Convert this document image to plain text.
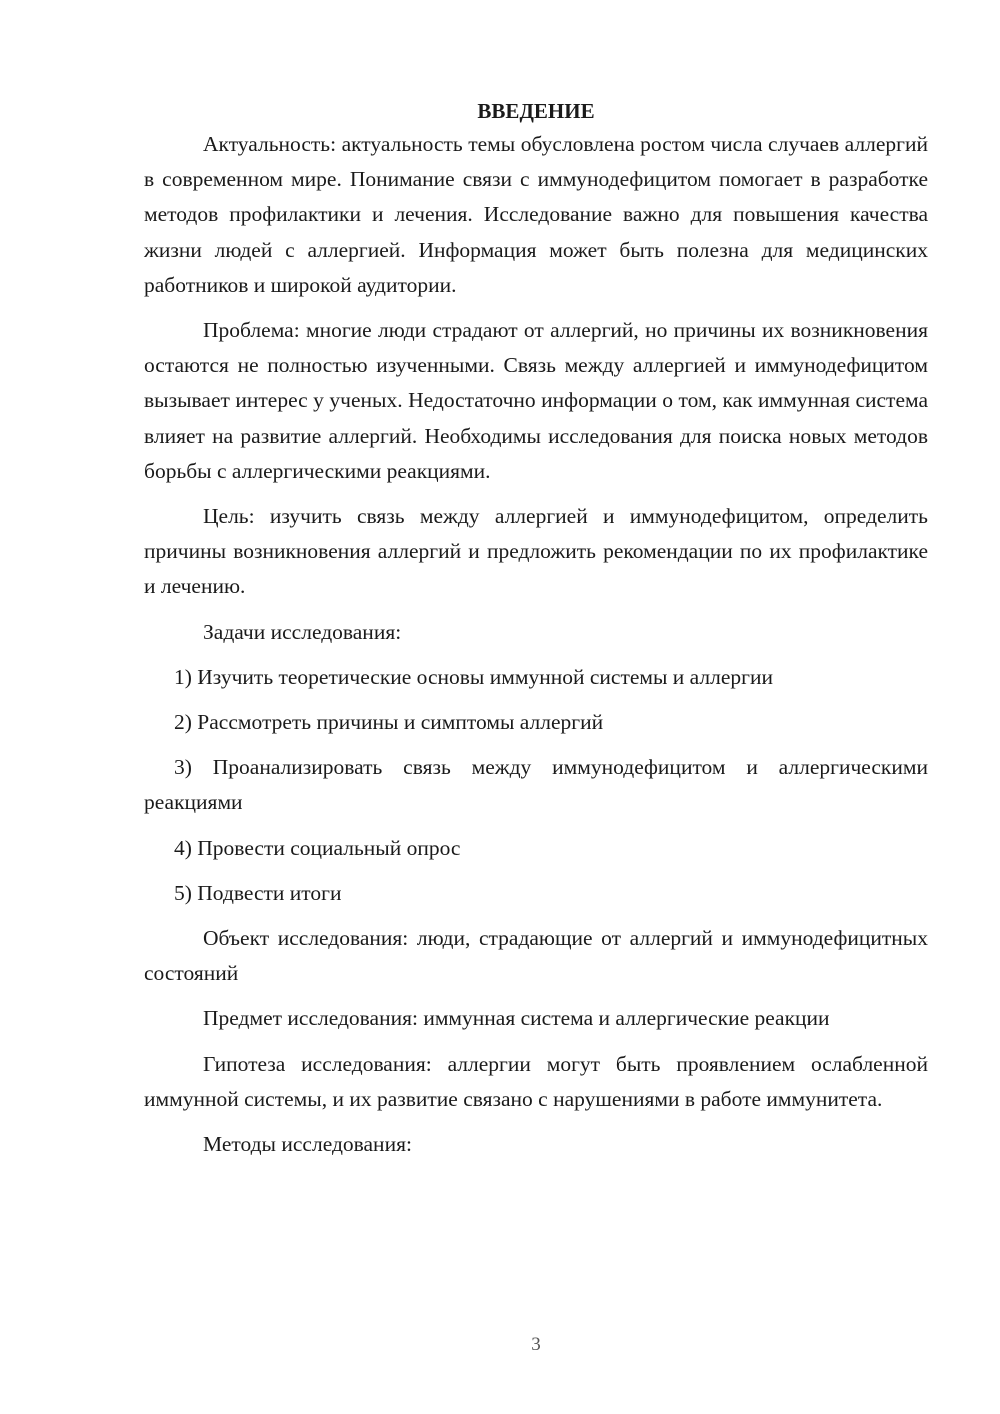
ВВЕДЕНИЕ

Актуальность: актуальность темы обусловлена ростом числа случаев аллергий в современном мире. Понимание связи с иммунодефицитом помогает в разработке методов профилактики и лечения. Исследование важно для повышения качества жизни людей с аллергией. Информация может быть полезна для медицинских работников и широкой аудитории.

Проблема: многие люди страдают от аллергий, но причины их возникновения остаются не полностью изученными. Связь между аллергией и иммунодефицитом вызывает интерес у ученых. Недостаточно информации о том, как иммунная система влияет на развитие аллергий. Необходимы исследования для поиска новых методов борьбы с аллергическими реакциями.

Цель: изучить связь между аллергией и иммунодефицитом, определить причины возникновения аллергий и предложить рекомендации по их профилактике и лечению.

Задачи исследования:

1) Изучить теоретические основы иммунной системы и аллергии

2) Рассмотреть причины и симптомы аллергий

3) Проанализировать связь между иммунодефицитом и аллергическими реакциями

4) Провести социальный опрос

5) Подвести итоги

Объект исследования: люди, страдающие от аллергий и иммунодефицитных состояний

Предмет исследования: иммунная система и аллергические реакции

Гипотеза исследования: аллергии могут быть проявлением ослабленной иммунной системы, и их развитие связано с нарушениями в работе иммунитета.

Методы исследования:

3
